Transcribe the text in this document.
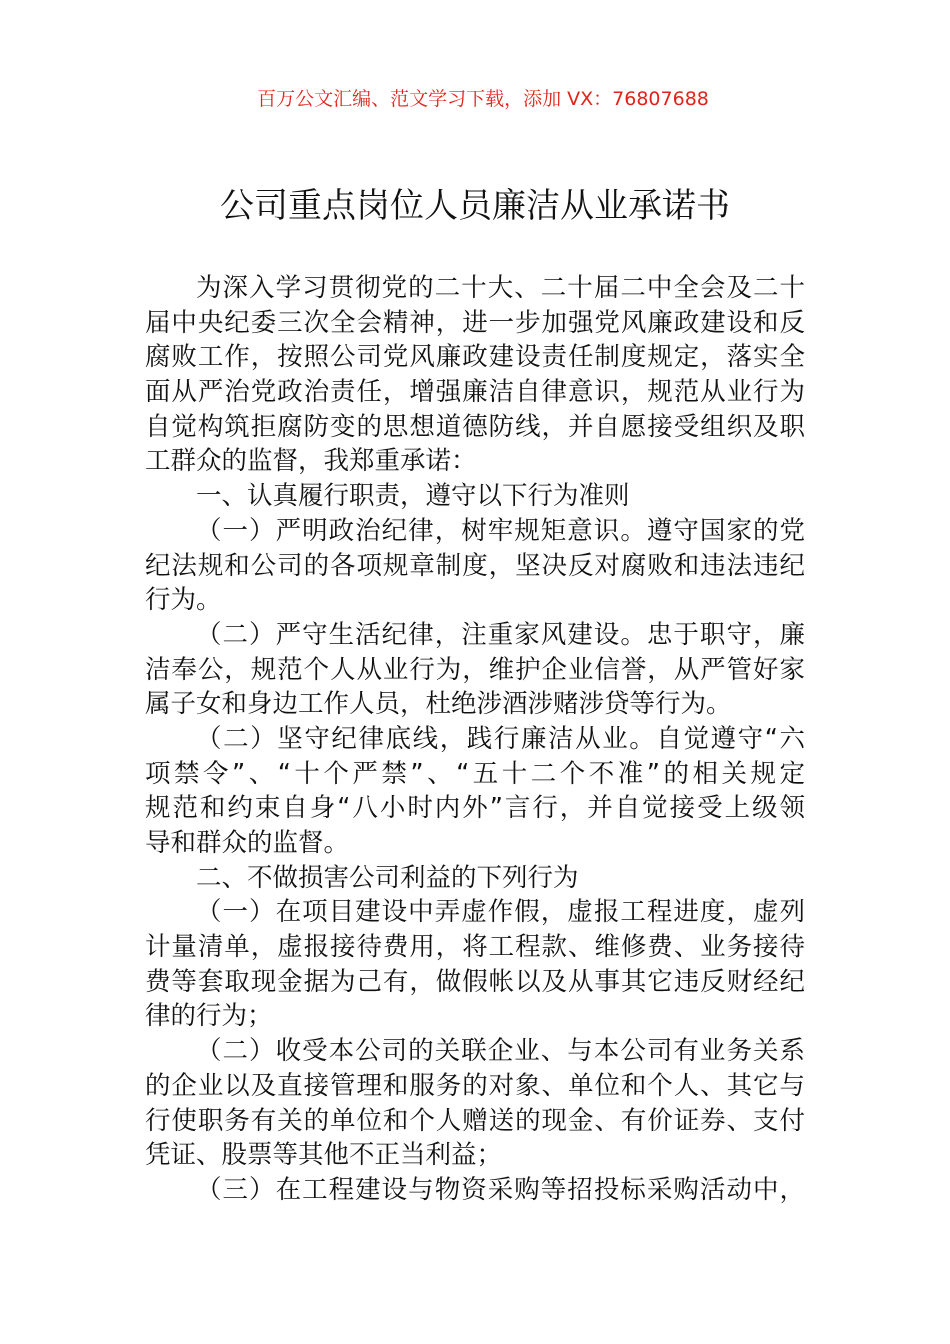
百万公文汇编、范文学习下载，添加 VX：76807688
公司重点岗位人员廉洁从业承诺书
为深入学习贯彻党的二十大、二十届二中全会及二十
届中央纪委三次全会精神，进一步加强党风廉政建设和反
腐败工作，按照公司党风廉政建设责任制度规定，落实全
面从严治党政治责任，增强廉洁自律意识，规范从业行为
自觉构筑拒腐防变的思想道德防线，并自愿接受组织及职
工群众的监督，我郑重承诺：
一、认真履行职责，遵守以下行为准则
（一）严明政治纪律，树牢规矩意识。遵守国家的党
纪法规和公司的各项规章制度，坚决反对腐败和违法违纪
行为。
（二）严守生活纪律，注重家风建设。忠于职守，廉
洁奉公，规范个人从业行为，维护企业信誉，从严管好家
属子女和身边工作人员，杜绝涉酒涉赌涉贷等行为。
（二）坚守纪律底线，践行廉洁从业。自觉遵守“六
项禁令”、“十个严禁”、“五十二个不准”的相关规定
规范和约束自身“八小时内外”言行，并自觉接受上级领
导和群众的监督。
二、不做损害公司利益的下列行为
（一）在项目建设中弄虚作假，虚报工程进度，虚列
计量清单，虚报接待费用，将工程款、维修费、业务接待
费等套取现金据为己有，做假帐以及从事其它违反财经纪
律的行为；
（二）收受本公司的关联企业、与本公司有业务关系
的企业以及直接管理和服务的对象、单位和个人、其它与
行使职务有关的单位和个人赠送的现金、有价证券、支付
凭证、股票等其他不正当利益；
（三）在工程建设与物资采购等招投标采购活动中，
